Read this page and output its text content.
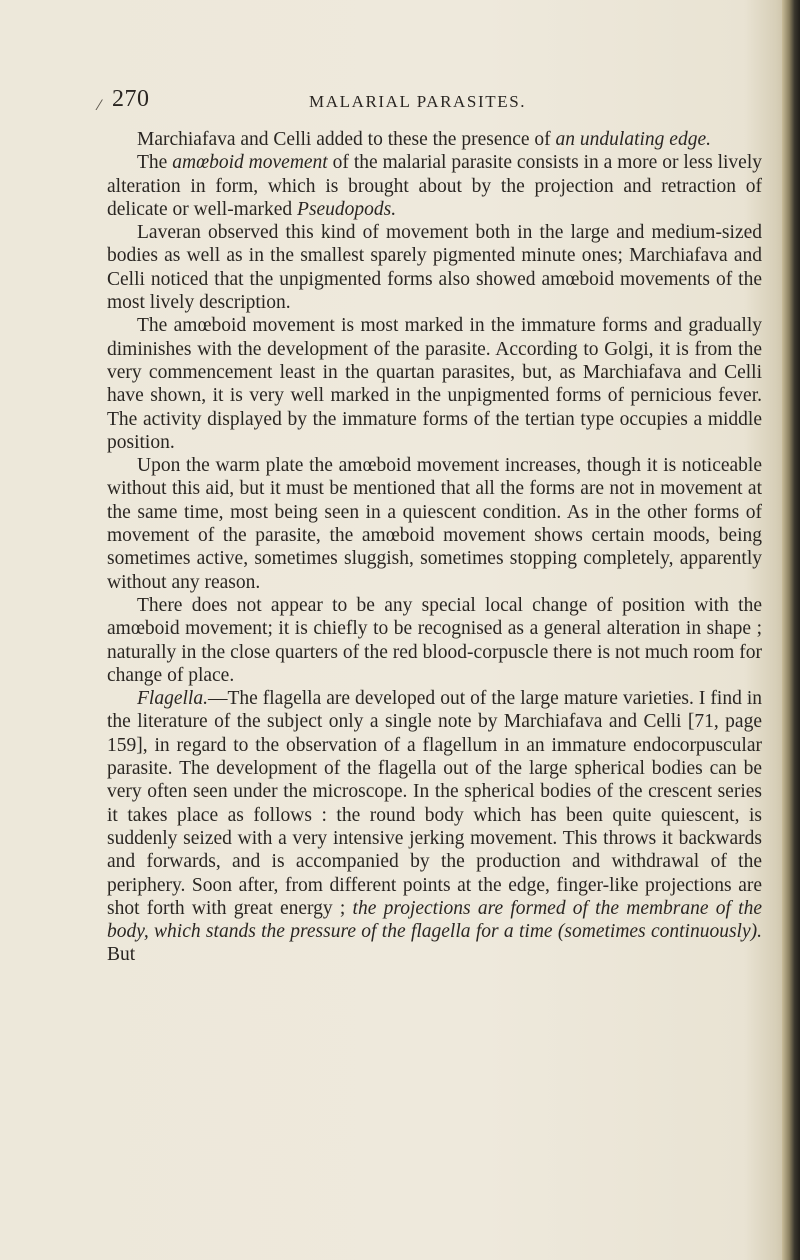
⁄ 270	MALARIAL PARASITES.

Marchiafava and Celli added to these the presence of an undulating edge.

The amœboid movement of the malarial parasite consists in a more or less lively alteration in form, which is brought about by the projection and retraction of delicate or well-marked Pseudopods.

Laveran observed this kind of movement both in the large and medium-sized bodies as well as in the smallest sparely pigmented minute ones; Marchiafava and Celli noticed that the unpigmented forms also showed amœboid movements of the most lively description.

The amœboid movement is most marked in the immature forms and gradually diminishes with the development of the parasite. According to Golgi, it is from the very commencement least in the quartan parasites, but, as Marchiafava and Celli have shown, it is very well marked in the unpigmented forms of pernicious fever. The activity displayed by the immature forms of the tertian type occupies a middle position.

Upon the warm plate the amœboid movement increases, though it is noticeable without this aid, but it must be mentioned that all the forms are not in movement at the same time, most being seen in a quiescent condition. As in the other forms of movement of the parasite, the amœboid movement shows certain moods, being sometimes active, sometimes sluggish, sometimes stopping completely, apparently without any reason.

There does not appear to be any special local change of position with the amœboid movement; it is chiefly to be recognised as a general alteration in shape ; naturally in the close quarters of the red blood-corpuscle there is not much room for change of place.

Flagella.—The flagella are developed out of the large mature varieties. I find in the literature of the subject only a single note by Marchiafava and Celli [71, page 159], in regard to the observation of a flagellum in an immature endocorpuscular parasite. The development of the flagella out of the large spherical bodies can be very often seen under the microscope. In the spherical bodies of the crescent series it takes place as follows : the round body which has been quite quiescent, is suddenly seized with a very intensive jerking movement. This throws it backwards and forwards, and is accompanied by the production and withdrawal of the periphery. Soon after, from different points at the edge, finger-like projections are shot forth with great energy ; the projections are formed of the membrane of the body, which stands the pressure of the flagella for a time (sometimes continuously). But
